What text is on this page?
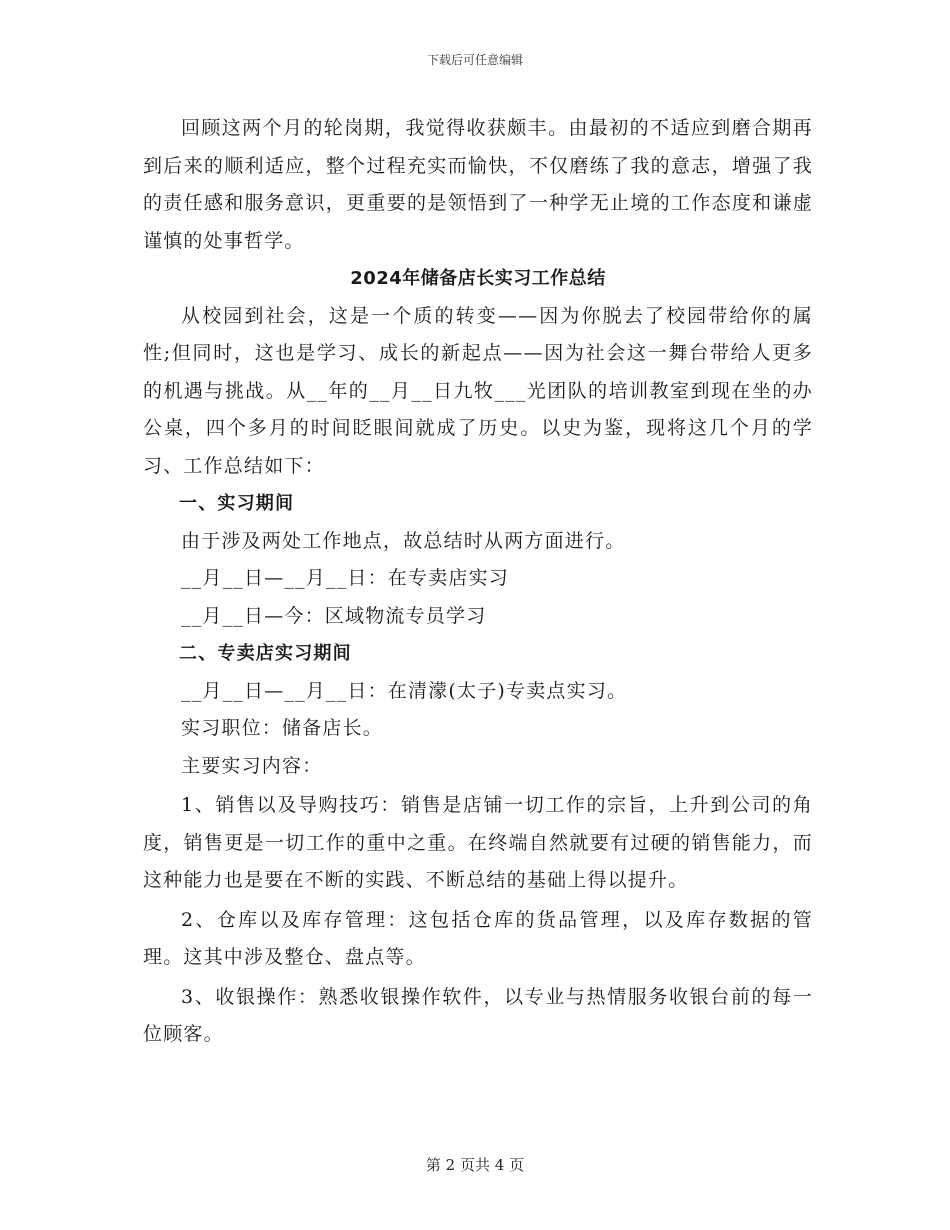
下载后可任意编辑

回顾这两个月的轮岗期，我觉得收获颇丰。由最初的不适应到磨合期再到后来的顺利适应，整个过程充实而愉快，不仅磨练了我的意志，增强了我的责任感和服务意识，更重要的是领悟到了一种学无止境的工作态度和谦虚谨慎的处事哲学。

2024年储备店长实习工作总结

从校园到社会，这是一个质的转变——因为你脱去了校园带给你的属性;但同时，这也是学习、成长的新起点——因为社会这一舞台带给人更多的机遇与挑战。从__年的__月__日九牧___光团队的培训教室到现在坐的办公桌，四个多月的时间眨眼间就成了历史。以史为鉴，现将这几个月的学习、工作总结如下：

一、实习期间

由于涉及两处工作地点，故总结时从两方面进行。

__月__日—__月__日：在专卖店实习

__月__日—今：区域物流专员学习

二、专卖店实习期间

__月__日—__月__日：在清濛(太子)专卖点实习。

实习职位：储备店长。

主要实习内容：

1、销售以及导购技巧：销售是店铺一切工作的宗旨，上升到公司的角度，销售更是一切工作的重中之重。在终端自然就要有过硬的销售能力，而这种能力也是要在不断的实践、不断总结的基础上得以提升。

2、仓库以及库存管理：这包括仓库的货品管理，以及库存数据的管理。这其中涉及整仓、盘点等。

3、收银操作：熟悉收银操作软件，以专业与热情服务收银台前的每一位顾客。

第 2 页共 4 页
